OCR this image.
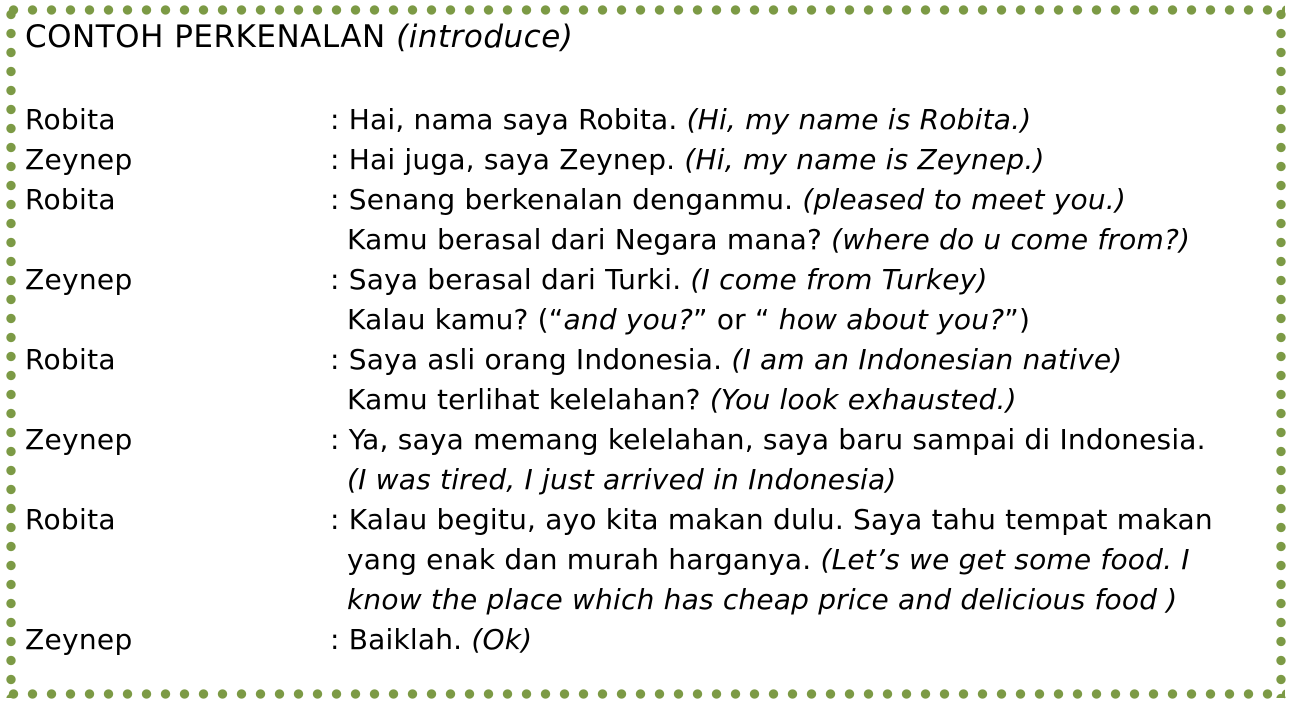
CONTOH PERKENALAN (introduce)
Robita	: Hai, nama saya Robita. (Hi, my name is Robita.)
Zeynep	: Hai juga, saya Zeynep. (Hi, my name is Zeynep.)
Robita	: Senang berkenalan denganmu. (pleased to meet you.)
Kamu berasal dari Negara mana? (where do u come from?)
Zeynep	: Saya berasal dari Turki. (I come from Turkey)
Kalau kamu? (“and you?” or “ how about you?”)
Robita	: Saya asli orang Indonesia. (I am an Indonesian native)
Kamu terlihat kelelahan? (You look exhausted.)
Zeynep	: Ya, saya memang kelelahan, saya baru sampai di Indonesia.
(I was tired, I just arrived in Indonesia)
Robita	: Kalau begitu, ayo kita makan dulu. Saya tahu tempat makan
yang enak dan murah harganya. (Let’s we get some food. I
know the place which has cheap price and delicious food )
Zeynep	: Baiklah. (Ok)
